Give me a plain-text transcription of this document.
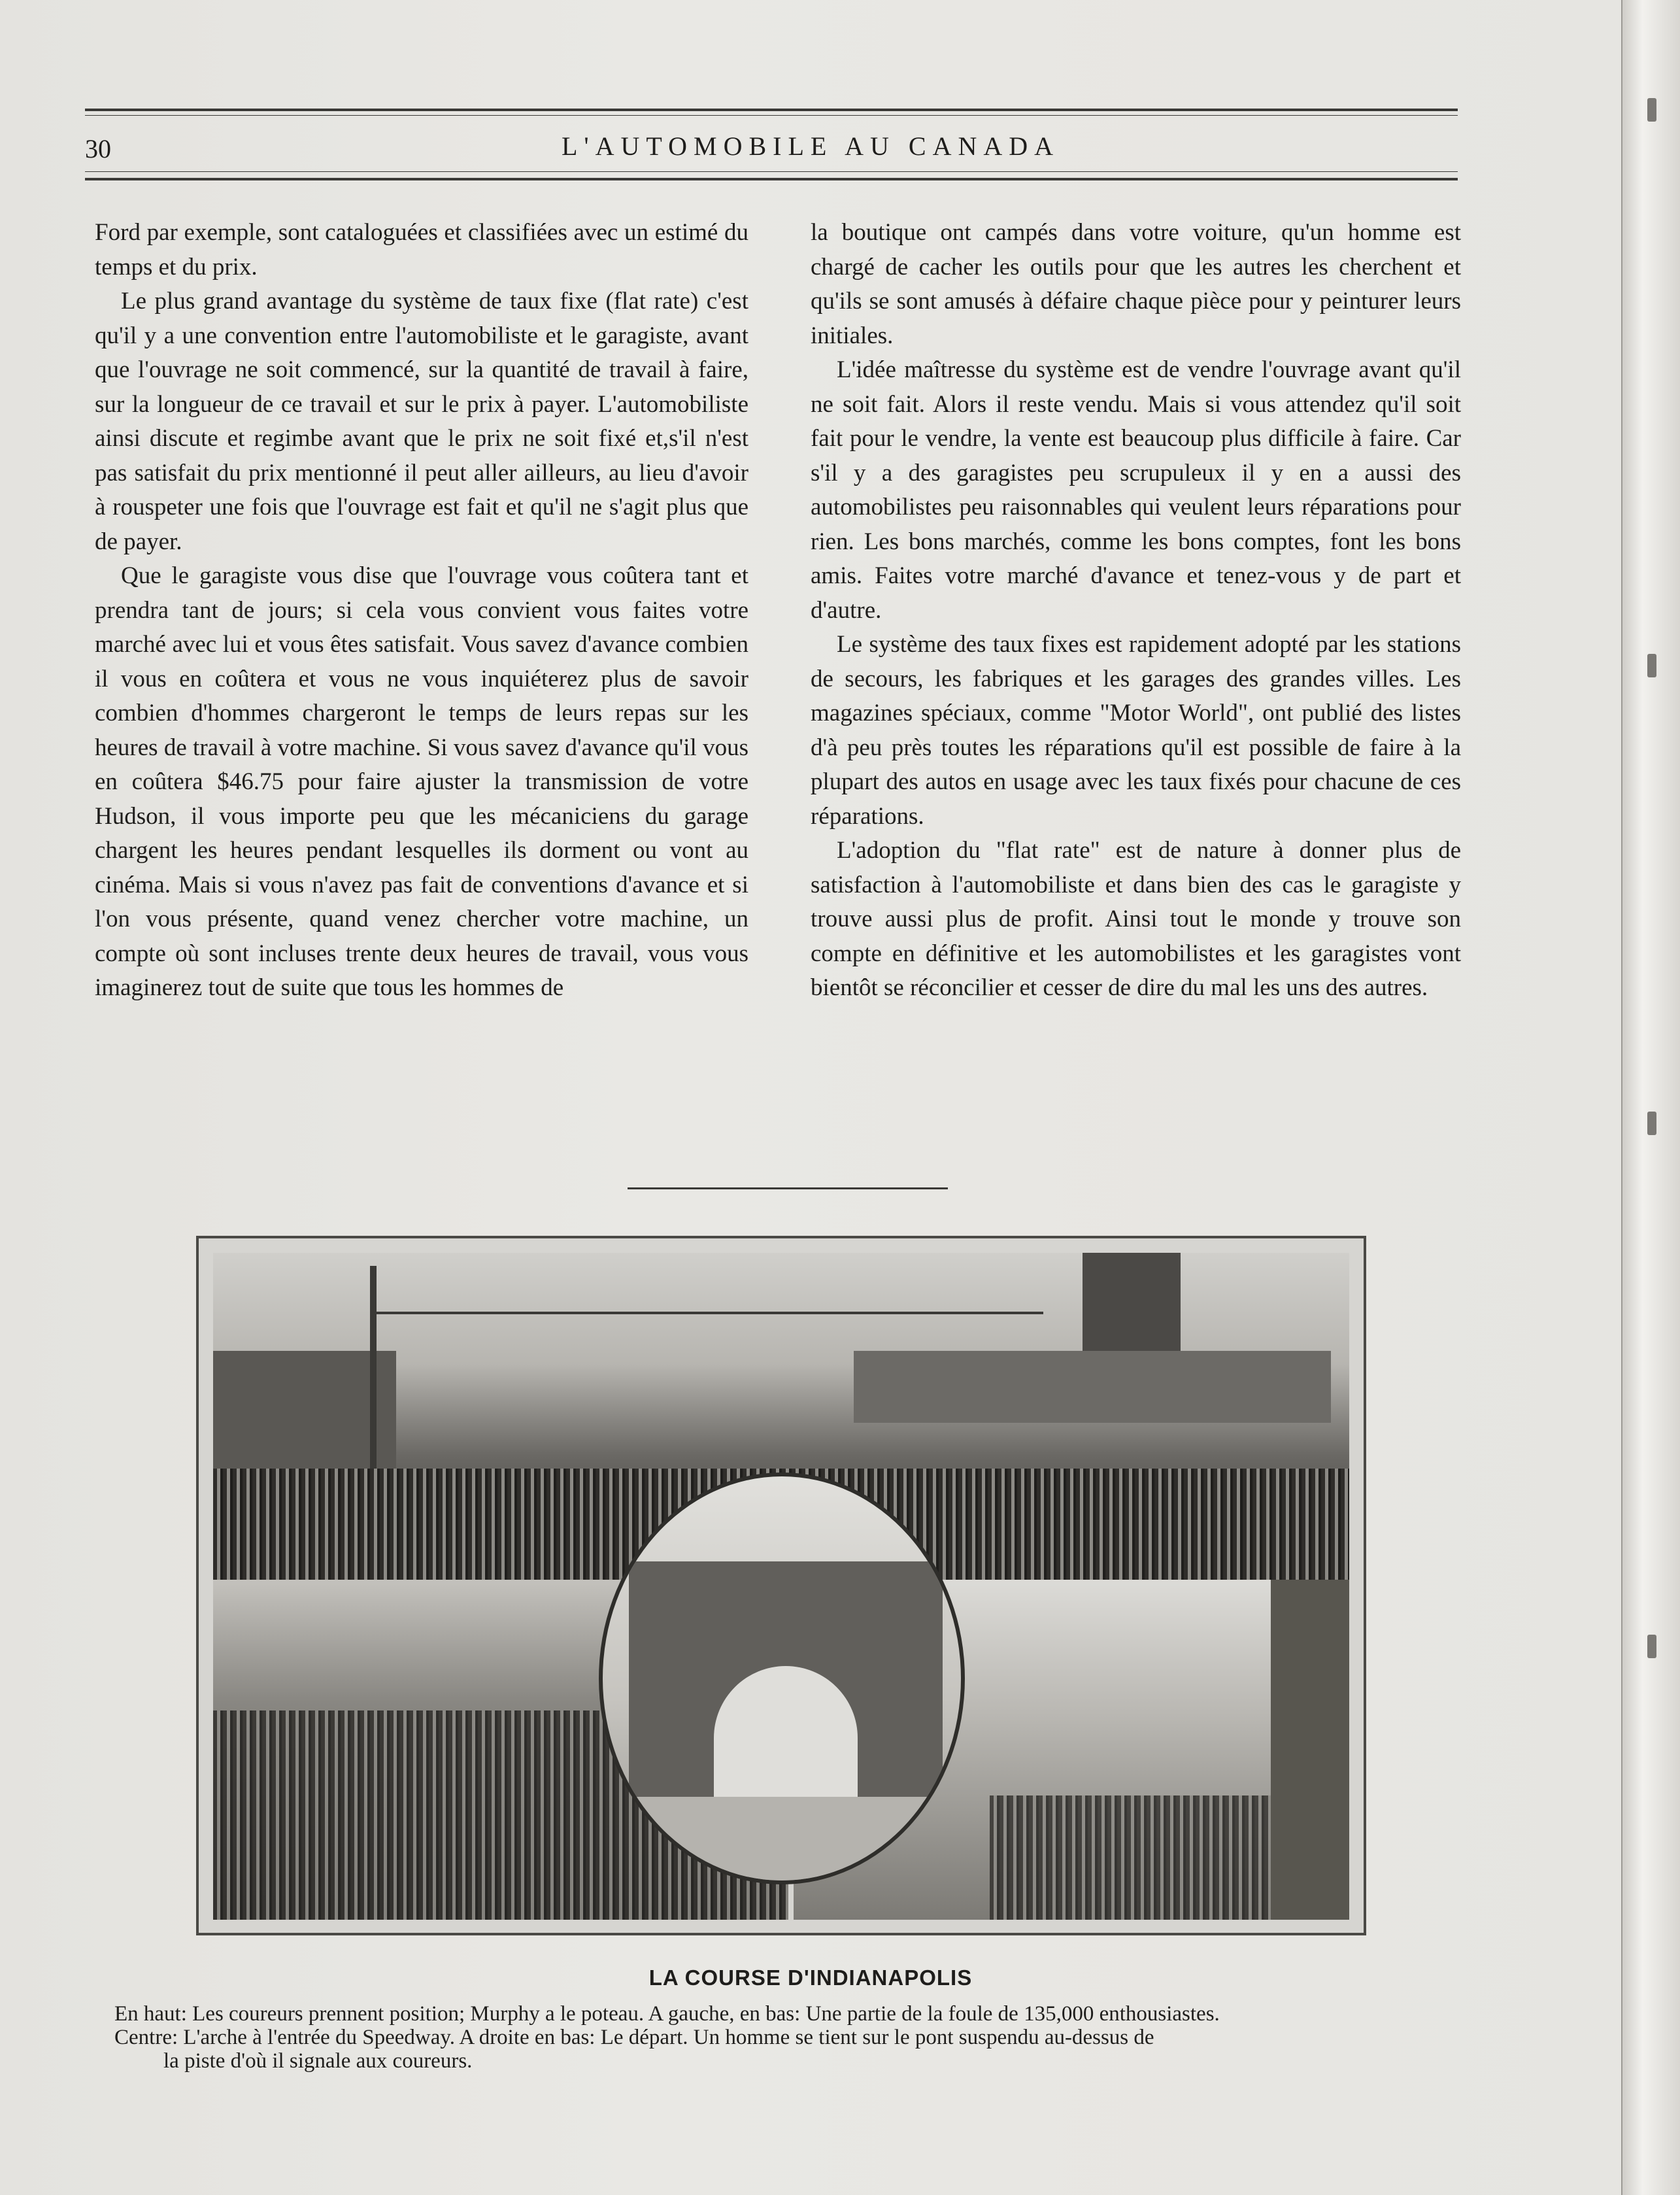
30	L'AUTOMOBILE AU CANADA

Ford par exemple, sont cataloguées et classifiées avec un estimé du temps et du prix.

Le plus grand avantage du système de taux fixe (flat rate) c'est qu'il y a une convention entre l'automobiliste et le garagiste, avant que l'ouvrage ne soit commencé, sur la quantité de travail à faire, sur la longueur de ce travail et sur le prix à payer. L'automobiliste ainsi discute et regimbe avant que le prix ne soit fixé et,s'il n'est pas satisfait du prix mentionné il peut aller ailleurs, au lieu d'avoir à rouspeter une fois que l'ouvrage est fait et qu'il ne s'agit plus que de payer.

Que le garagiste vous dise que l'ouvrage vous coûtera tant et prendra tant de jours; si cela vous convient vous faites votre marché avec lui et vous êtes satisfait. Vous savez d'avance combien il vous en coûtera et vous ne vous inquiéterez plus de savoir combien d'hommes chargeront le temps de leurs repas sur les heures de travail à votre machine. Si vous savez d'avance qu'il vous en coûtera $46.75 pour faire ajuster la transmission de votre Hudson, il vous importe peu que les mécaniciens du garage chargent les heures pendant lesquelles ils dorment ou vont au cinéma. Mais si vous n'avez pas fait de conventions d'avance et si l'on vous présente, quand venez chercher votre machine, un compte où sont incluses trente deux heures de travail, vous vous imaginerez tout de suite que tous les hommes de

la boutique ont campés dans votre voiture, qu'un homme est chargé de cacher les outils pour que les autres les cherchent et qu'ils se sont amusés à défaire chaque pièce pour y peinturer leurs initiales.

L'idée maîtresse du système est de vendre l'ouvrage avant qu'il ne soit fait. Alors il reste vendu. Mais si vous attendez qu'il soit fait pour le vendre, la vente est beaucoup plus difficile à faire. Car s'il y a des garagistes peu scrupuleux il y en a aussi des automobilistes peu raisonnables qui veulent leurs réparations pour rien. Les bons marchés, comme les bons comptes, font les bons amis. Faites votre marché d'avance et tenez-vous y de part et d'autre.

Le système des taux fixes est rapidement adopté par les stations de secours, les fabriques et les garages des grandes villes. Les magazines spéciaux, comme "Motor World", ont publié des listes d'à peu près toutes les réparations qu'il est possible de faire à la plupart des autos en usage avec les taux fixés pour chacune de ces réparations.

L'adoption du "flat rate" est de nature à donner plus de satisfaction à l'automobiliste et dans bien des cas le garagiste y trouve aussi plus de profit. Ainsi tout le monde y trouve son compte en définitive et les automobilistes et les garagistes vont bientôt se réconcilier et cesser de dire du mal les uns des autres.

LA COURSE D'INDIANAPOLIS
En haut: Les coureurs prennent position; Murphy a le poteau. A gauche, en bas: Une partie de la foule de 135,000 enthousiastes.
Centre: L'arche à l'entrée du Speedway. A droite en bas: Le départ. Un homme se tient sur le pont suspendu au-dessus de
la piste d'où il signale aux coureurs.
